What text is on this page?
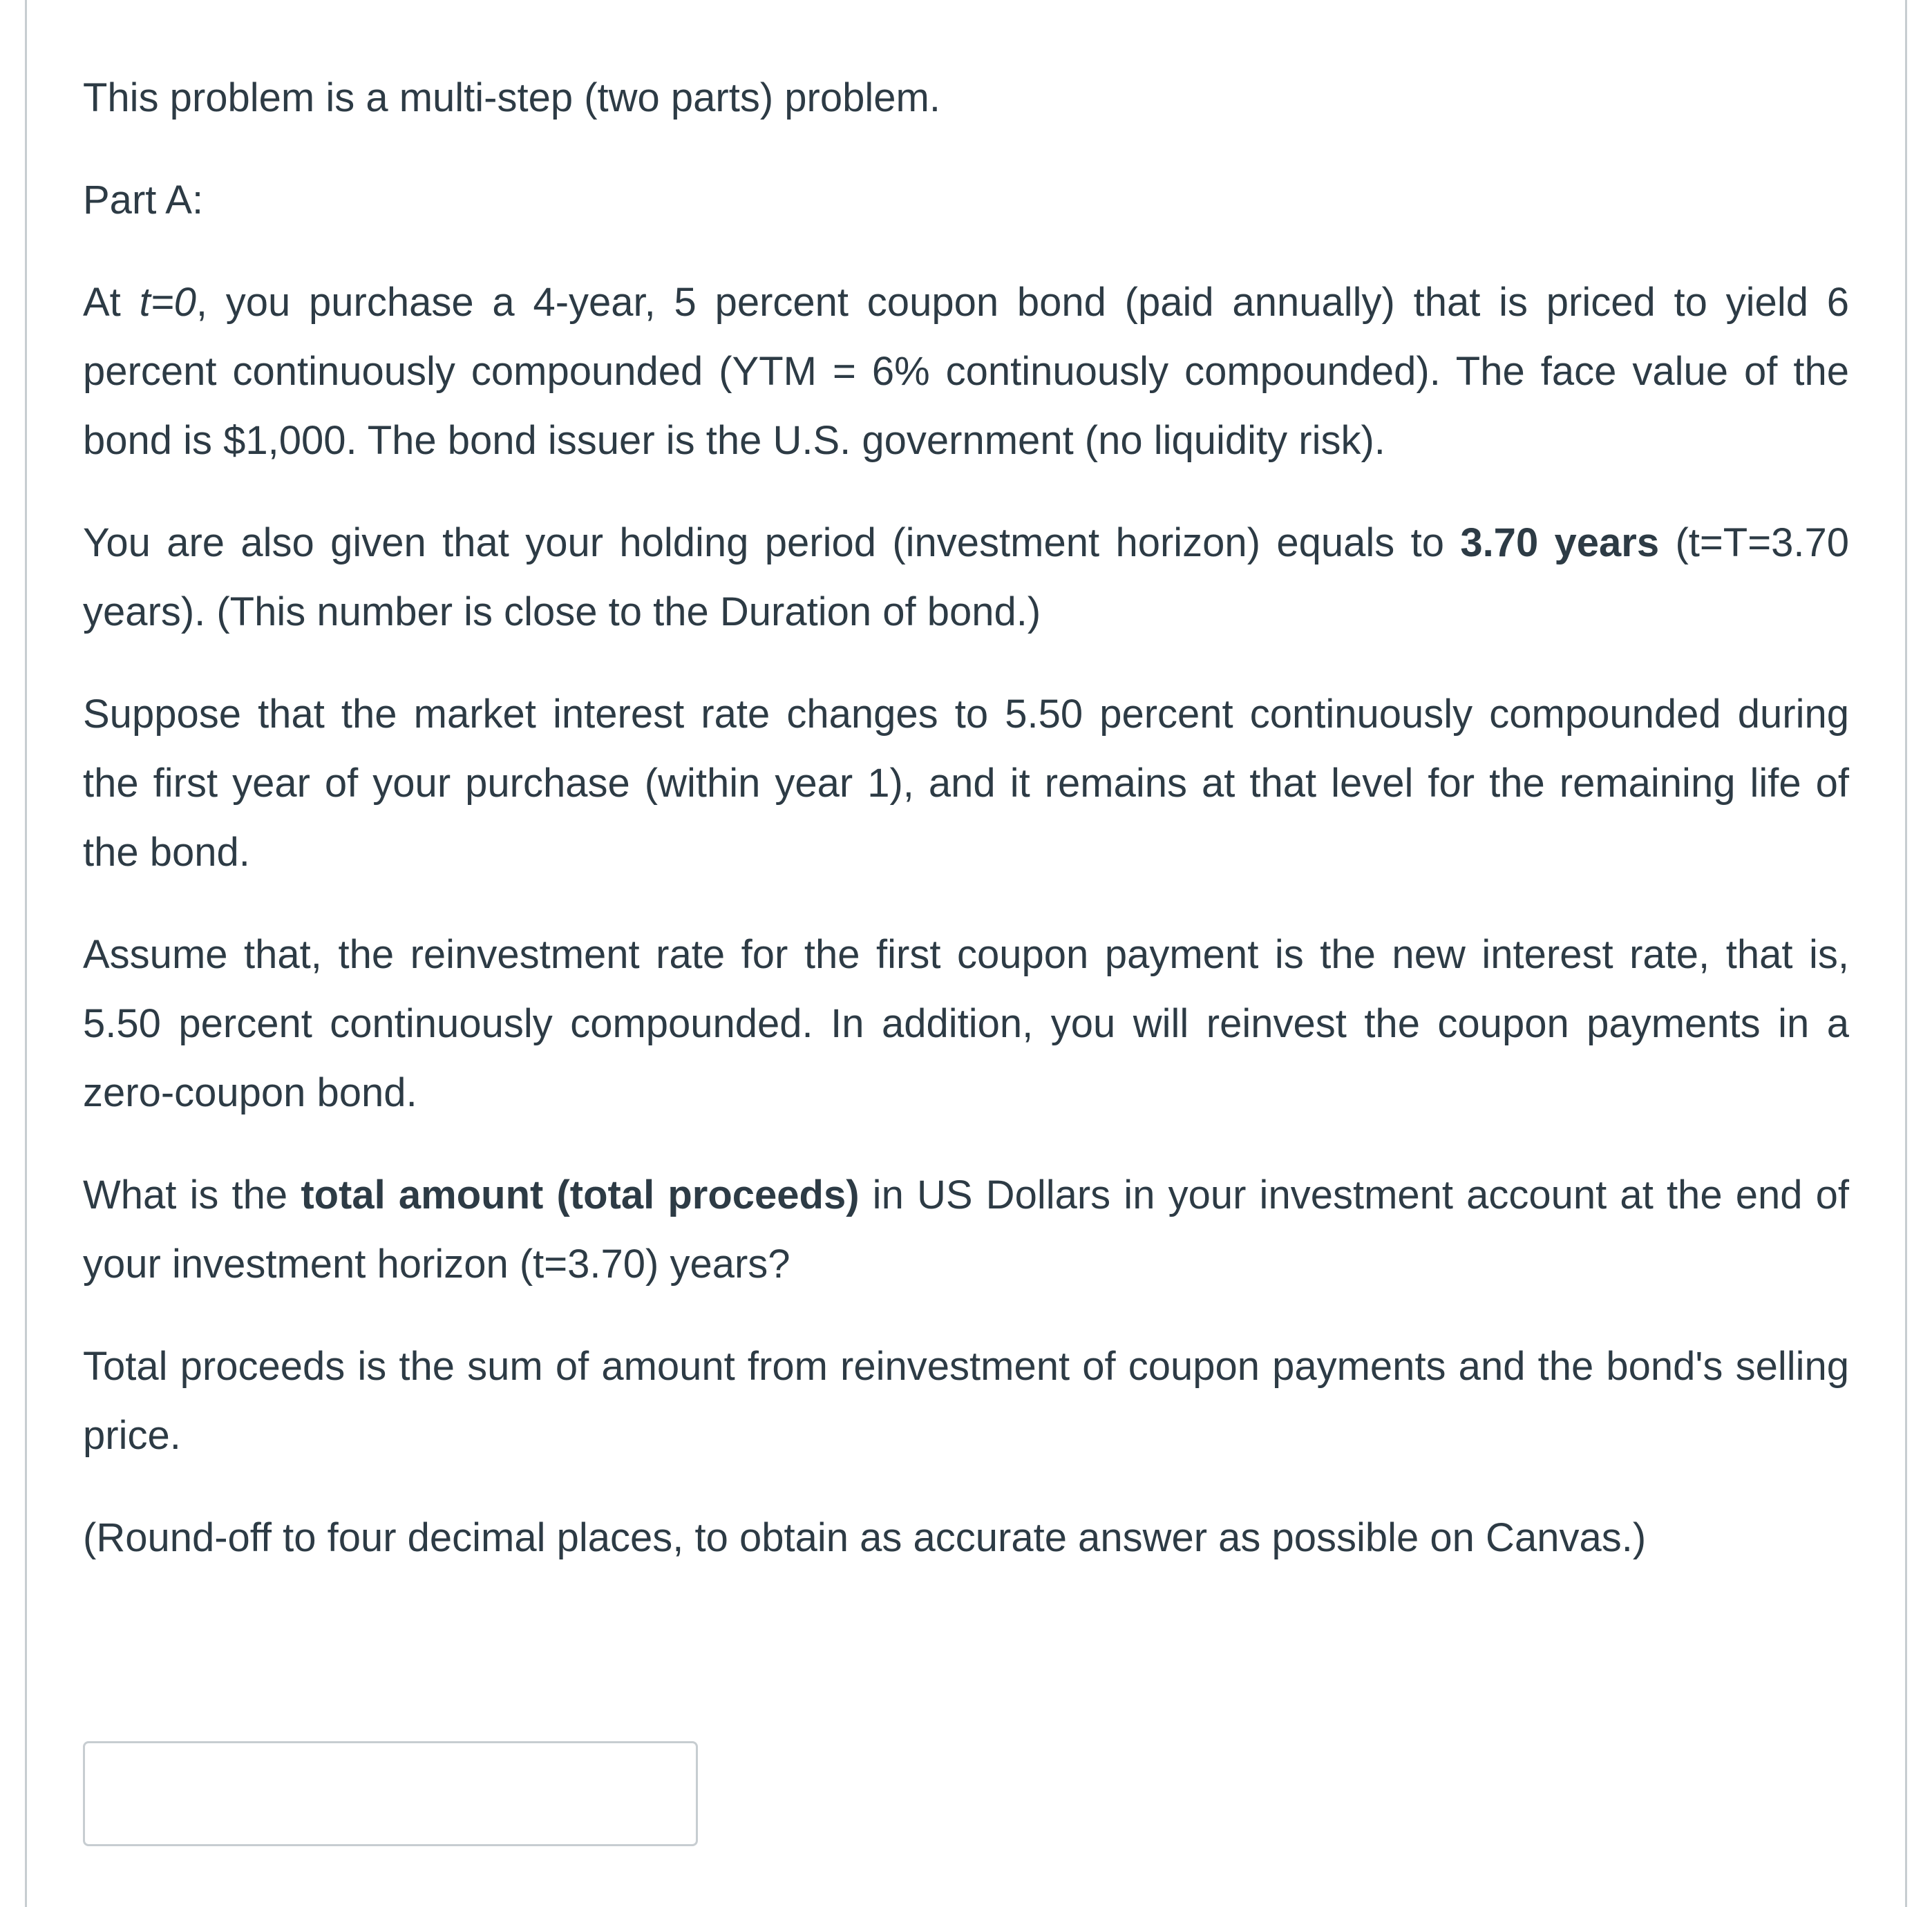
This problem is a multi-step (two parts) problem.

Part A:

At t=0, you purchase a 4-year, 5 percent coupon bond (paid annually) that is priced to yield 6 percent continuously compounded (YTM = 6% continuously compounded). The face value of the bond is $1,000. The bond issuer is the U.S. government (no liquidity risk).

You are also given that your holding period (investment horizon) equals to 3.70 years (t=T=3.70 years). (This number is close to the Duration of bond.)

Suppose that the market interest rate changes to 5.50 percent continuously compounded during the first year of your purchase (within year 1), and it remains at that level for the remaining life of the bond.

Assume that, the reinvestment rate for the first coupon payment is the new interest rate, that is, 5.50 percent continuously compounded. In addition, you will reinvest the coupon payments in a zero-coupon bond.

What is the total amount (total proceeds) in US Dollars in your investment account at the end of your investment horizon (t=3.70) years?

Total proceeds is the sum of amount from reinvestment of coupon payments and the bond's selling price.

(Round-off to four decimal places, to obtain as accurate answer as possible on Canvas.)
